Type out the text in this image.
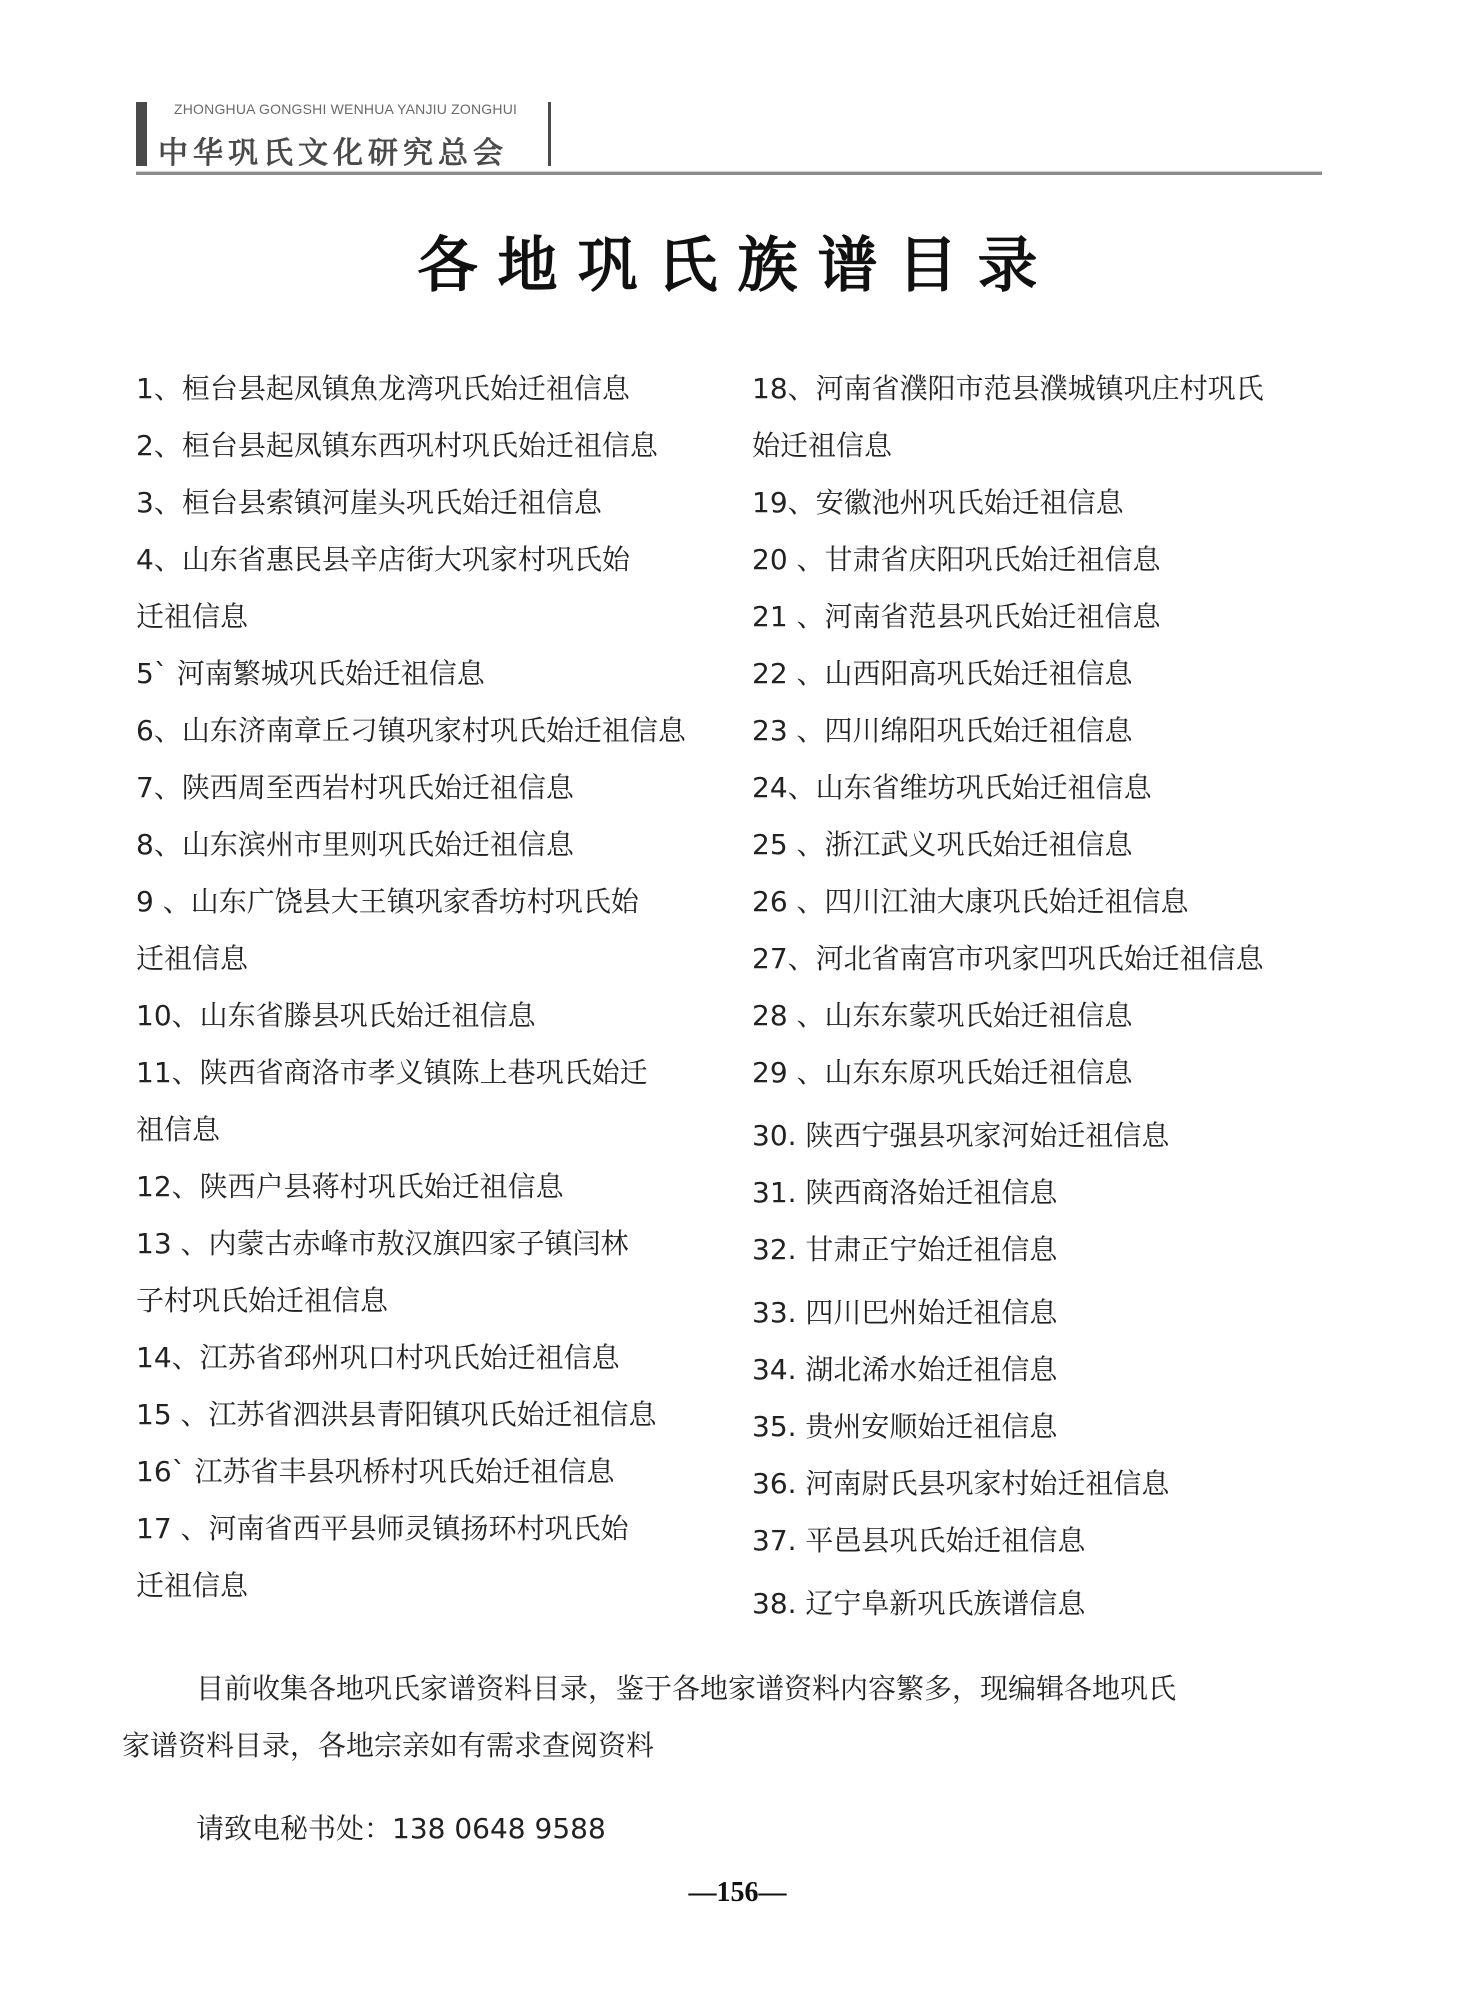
ZHONGHUA GONGSHI WENHUA YANJIU ZONGHUI
中华巩氏文化研究总会
各地巩氏族谱目录
1、桓台县起凤镇魚龙湾巩氏始迁祖信息
2、桓台县起凤镇东西巩村巩氏始迁祖信息
3、桓台县索镇河崖头巩氏始迁祖信息
4、山东省惠民县辛店街大巩家村巩氏始
迁祖信息
5` 河南繁城巩氏始迁祖信息
6、山东济南章丘刁镇巩家村巩氏始迁祖信息
7、陕西周至西岩村巩氏始迁祖信息
8、山东滨州市里则巩氏始迁祖信息
9 、山东广饶县大王镇巩家香坊村巩氏始
迁祖信息
10、山东省滕县巩氏始迁祖信息
11、陕西省商洛市孝义镇陈上巷巩氏始迁
祖信息
12、陕西户县蒋村巩氏始迁祖信息
13 、内蒙古赤峰市敖汉旗四家子镇闫林
子村巩氏始迁祖信息
14、江苏省邳州巩口村巩氏始迁祖信息
15 、江苏省泗洪县青阳镇巩氏始迁祖信息
16` 江苏省丰县巩桥村巩氏始迁祖信息
17 、河南省西平县师灵镇扬环村巩氏始
迁祖信息
18、河南省濮阳市范县濮城镇巩庄村巩氏
始迁祖信息
19、安徽池州巩氏始迁祖信息
20 、甘肃省庆阳巩氏始迁祖信息
21 、河南省范县巩氏始迁祖信息
22 、山西阳高巩氏始迁祖信息
23 、四川绵阳巩氏始迁祖信息
24、山东省维坊巩氏始迁祖信息
25 、浙江武义巩氏始迁祖信息
26 、四川江油大康巩氏始迁祖信息
27、河北省南宫市巩家凹巩氏始迁祖信息
28 、山东东蒙巩氏始迁祖信息
29 、山东东原巩氏始迁祖信息
30. 陕西宁强县巩家河始迁祖信息
31. 陕西商洛始迁祖信息
32. 甘肃正宁始迁祖信息
33. 四川巴州始迁祖信息
34. 湖北浠水始迁祖信息
35. 贵州安顺始迁祖信息
36. 河南尉氏县巩家村始迁祖信息
37. 平邑县巩氏始迁祖信息
38. 辽宁阜新巩氏族谱信息
目前收集各地巩氏家谱资料目录，鉴于各地家谱资料内容繁多，现编辑各地巩氏
家谱资料目录，各地宗亲如有需求查阅资料
请致电秘书处：138 0648 9588
—156—
